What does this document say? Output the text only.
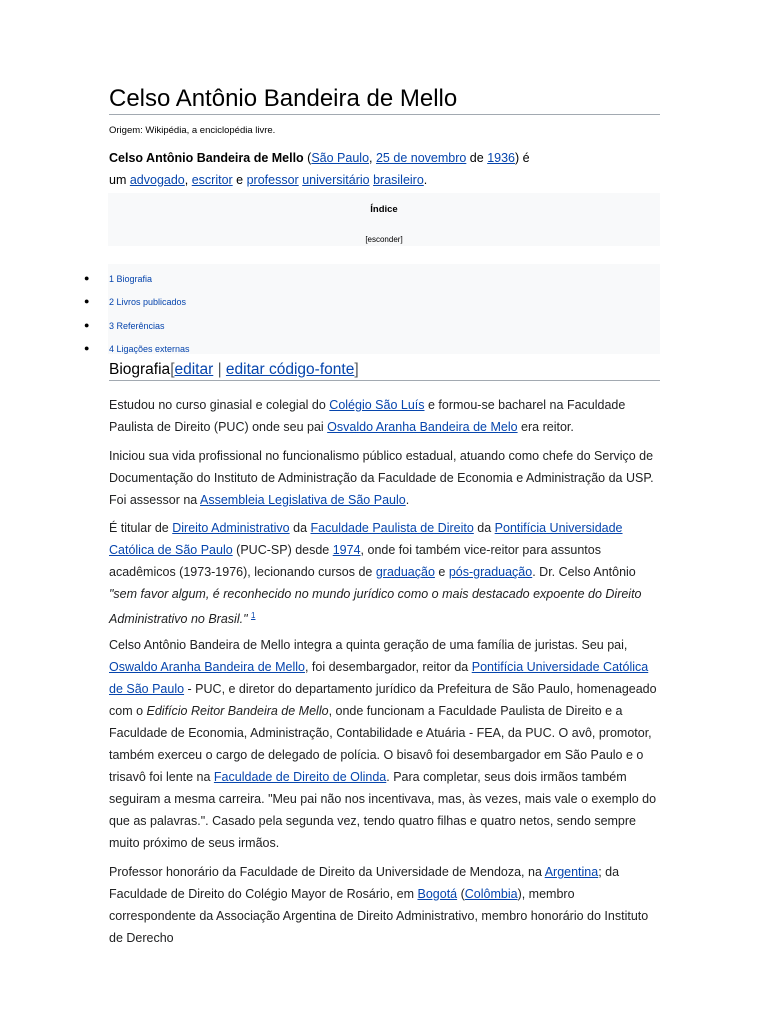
Celso Antônio Bandeira de Mello
Origem: Wikipédia, a enciclopédia livre.
Celso Antônio Bandeira de Mello (São Paulo, 25 de novembro de 1936) é
um advogado, escritor e professor universitário brasileiro.
Índice
[esconder]
●
●
●
●
1 Biografia
2 Livros publicados
3 Referências
4 Ligações externas
Biografia[editar | editar código-fonte]

Estudou no curso ginasial e colegial do Colégio São Luís e formou-se bacharel na Faculdade Paulista de Direito (PUC) onde seu pai Osvaldo Aranha Bandeira de Melo era reitor.

Iniciou sua vida profissional no funcionalismo público estadual, atuando como chefe do Serviço de Documentação do Instituto de Administração da Faculdade de Economia e Administração da USP. Foi assessor na Assembleia Legislativa de São Paulo.

É titular de Direito Administrativo da Faculdade Paulista de Direito da Pontifícia Universidade Católica de São Paulo (PUC-SP) desde 1974, onde foi também vice-reitor para assuntos acadêmicos (1973-1976), lecionando cursos de graduação e pós-graduação. Dr. Celso Antônio "sem favor algum, é reconhecido no mundo jurídico como o mais destacado expoente do Direito Administrativo no Brasil." $^1$

Celso Antônio Bandeira de Mello integra a quinta geração de uma família de juristas. Seu pai, Oswaldo Aranha Bandeira de Mello, foi desembargador, reitor da Pontifícia Universidade Católica de São Paulo - PUC, e diretor do departamento jurídico da Prefeitura de São Paulo, homenageado com o Edifício Reitor Bandeira de Mello, onde funcionam a Faculdade Paulista de Direito e a Faculdade de Economia, Administração, Contabilidade e Atuária - FEA, da PUC. O avô, promotor, também exerceu o cargo de delegado de polícia. O bisavô foi desembargador em São Paulo e o trisavô foi lente na Faculdade de Direito de Olinda. Para completar, seus dois irmãos também seguiram a mesma carreira. "Meu pai não nos incentivava, mas, às vezes, mais vale o exemplo do que as palavras.". Casado pela segunda vez, tendo quatro filhas e quatro netos, sendo sempre muito próximo de seus irmãos.

Professor honorário da Faculdade de Direito da Universidade de Mendoza, na Argentina; da Faculdade de Direito do Colégio Mayor de Rosário, em Bogotá (Colômbia), membro correspondente da Associação Argentina de Direito Administrativo, membro honorário do Instituto de Derecho
